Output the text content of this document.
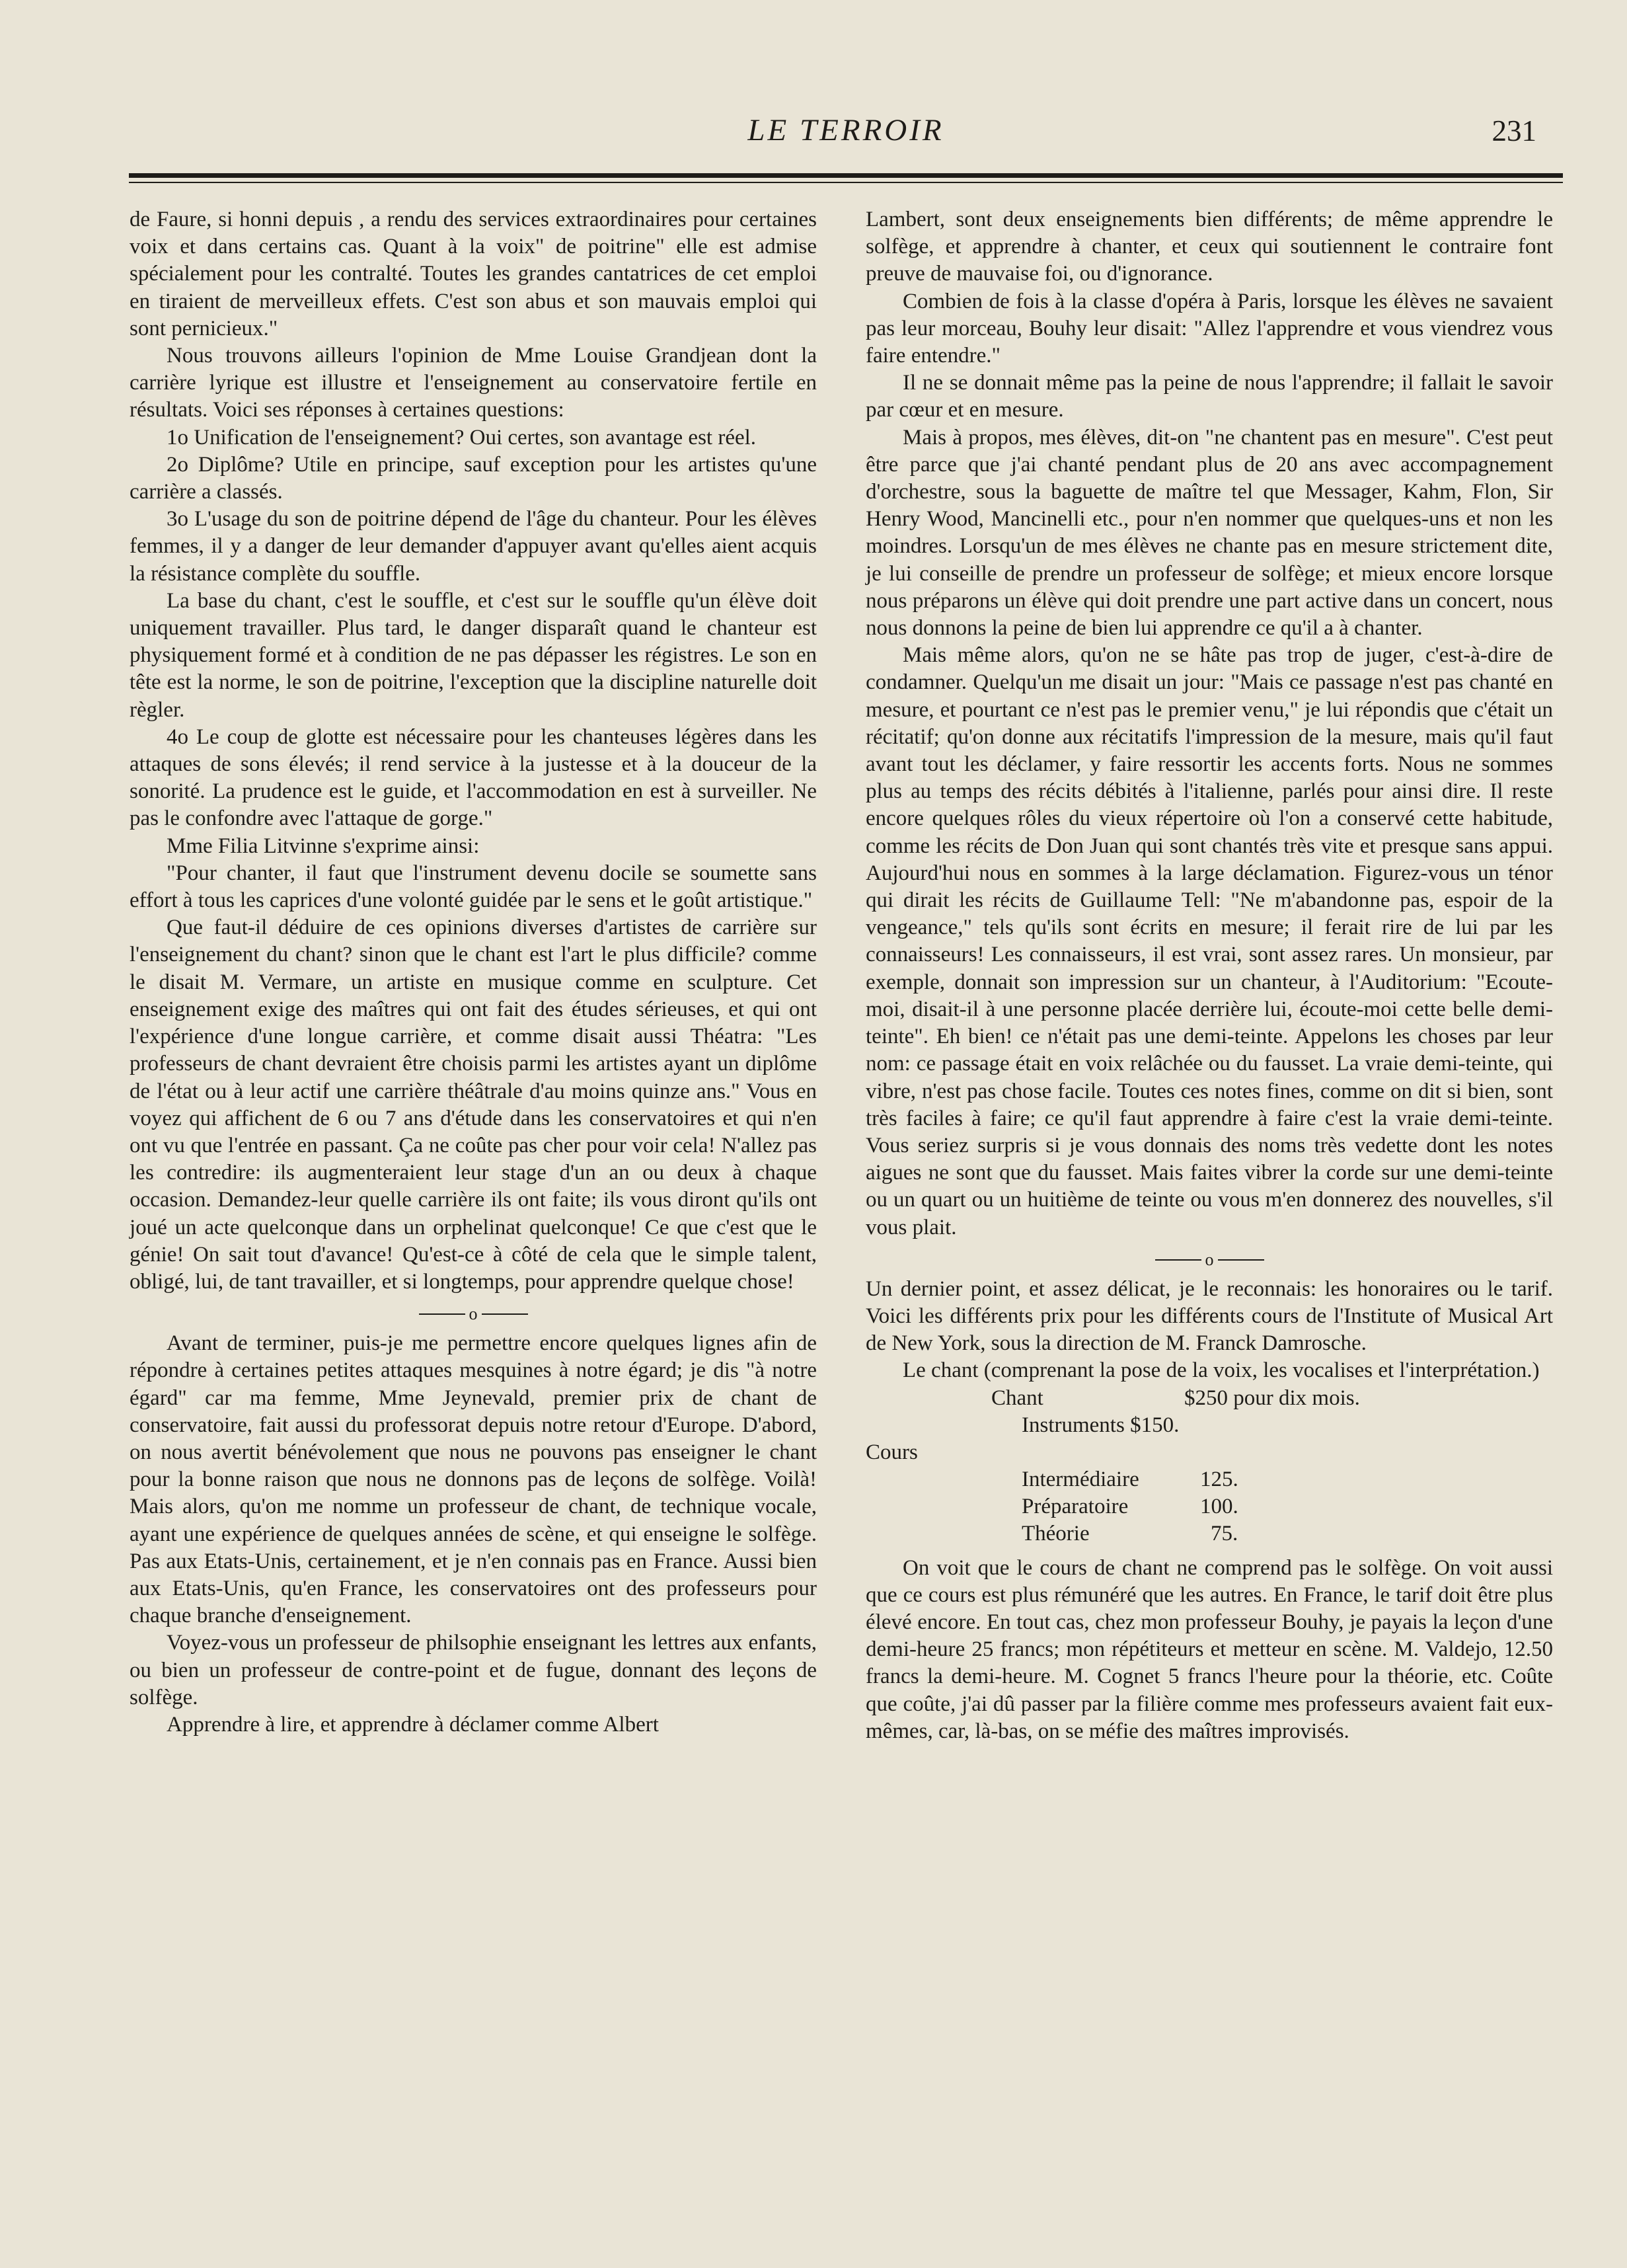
LE TERROIR	231

de Faure, si honni depuis , a rendu des services extraordinaires pour certaines voix et dans certains cas. Quant à la voix" de poitrine" elle est admise spécialement pour les contralté. Toutes les grandes cantatrices de cet emploi en tiraient de merveilleux effets. C'est son abus et son mauvais emploi qui sont pernicieux."

Nous trouvons ailleurs l'opinion de Mme Louise Grandjean dont la carrière lyrique est illustre et l'enseignement au conservatoire fertile en résultats. Voici ses réponses à certaines questions:

1o Unification de l'enseignement? Oui certes, son avantage est réel.

2o Diplôme? Utile en principe, sauf exception pour les artistes qu'une carrière a classés.

3o L'usage du son de poitrine dépend de l'âge du chanteur. Pour les élèves femmes, il y a danger de leur demander d'appuyer avant qu'elles aient acquis la résistance complète du souffle.

La base du chant, c'est le souffle, et c'est sur le souffle qu'un élève doit uniquement travailler. Plus tard, le danger disparaît quand le chanteur est physiquement formé et à condition de ne pas dépasser les régistres. Le son en tête est la norme, le son de poitrine, l'exception que la discipline naturelle doit règler.

4o Le coup de glotte est nécessaire pour les chanteuses légères dans les attaques de sons élevés; il rend service à la justesse et à la douceur de la sonorité. La prudence est le guide, et l'accommodation en est à surveiller. Ne pas le confondre avec l'attaque de gorge."

Mme Filia Litvinne s'exprime ainsi:

"Pour chanter, il faut que l'instrument devenu docile se soumette sans effort à tous les caprices d'une volonté guidée par le sens et le goût artistique."

Que faut-il déduire de ces opinions diverses d'artistes de carrière sur l'enseignement du chant? sinon que le chant est l'art le plus difficile? comme le disait M. Vermare, un artiste en musique comme en sculpture. Cet enseignement exige des maîtres qui ont fait des études sérieuses, et qui ont l'expérience d'une longue carrière, et comme disait aussi Théatra: "Les professeurs de chant devraient être choisis parmi les artistes ayant un diplôme de l'état ou à leur actif une carrière théâtrale d'au moins quinze ans." Vous en voyez qui affichent de 6 ou 7 ans d'étude dans les conservatoires et qui n'en ont vu que l'entrée en passant. Ça ne coûte pas cher pour voir cela! N'allez pas les contredire: ils augmenteraient leur stage d'un an ou deux à chaque occasion. Demandez-leur quelle carrière ils ont faite; ils vous diront qu'ils ont joué un acte quelconque dans un orphelinat quelconque! Ce que c'est que le génie! On sait tout d'avance! Qu'est-ce à côté de cela que le simple talent, obligé, lui, de tant travailler, et si longtemps, pour apprendre quelque chose!

o

Avant de terminer, puis-je me permettre encore quelques lignes afin de répondre à certaines petites attaques mesquines à notre égard; je dis "à notre égard" car ma femme, Mme Jeynevald, premier prix de chant de conservatoire, fait aussi du professorat depuis notre retour d'Europe. D'abord, on nous avertit bénévolement que nous ne pouvons pas enseigner le chant pour la bonne raison que nous ne donnons pas de leçons de solfège. Voilà! Mais alors, qu'on me nomme un professeur de chant, de technique vocale, ayant une expérience de quelques années de scène, et qui enseigne le solfège. Pas aux Etats-Unis, certainement, et je n'en connais pas en France. Aussi bien aux Etats-Unis, qu'en France, les conservatoires ont des professeurs pour chaque branche d'enseignement.

Voyez-vous un professeur de philsophie enseignant les lettres aux enfants, ou bien un professeur de contre-point et de fugue, donnant des leçons de solfège.

Apprendre à lire, et apprendre à déclamer comme Albert

Lambert, sont deux enseignements bien différents; de même apprendre le solfège, et apprendre à chanter, et ceux qui soutiennent le contraire font preuve de mauvaise foi, ou d'ignorance.

Combien de fois à la classe d'opéra à Paris, lorsque les élèves ne savaient pas leur morceau, Bouhy leur disait: "Allez l'apprendre et vous viendrez vous faire entendre."

Il ne se donnait même pas la peine de nous l'apprendre; il fallait le savoir par cœur et en mesure.

Mais à propos, mes élèves, dit-on "ne chantent pas en mesure". C'est peut être parce que j'ai chanté pendant plus de 20 ans avec accompagnement d'orchestre, sous la baguette de maître tel que Messager, Kahm, Flon, Sir Henry Wood, Mancinelli etc., pour n'en nommer que quelques-uns et non les moindres. Lorsqu'un de mes élèves ne chante pas en mesure strictement dite, je lui conseille de prendre un professeur de solfège; et mieux encore lorsque nous préparons un élève qui doit prendre une part active dans un concert, nous nous donnons la peine de bien lui apprendre ce qu'il a à chanter.

Mais même alors, qu'on ne se hâte pas trop de juger, c'est-à-dire de condamner. Quelqu'un me disait un jour: "Mais ce passage n'est pas chanté en mesure, et pourtant ce n'est pas le premier venu," je lui répondis que c'était un récitatif; qu'on donne aux récitatifs l'impression de la mesure, mais qu'il faut avant tout les déclamer, y faire ressortir les accents forts. Nous ne sommes plus au temps des récits débités à l'italienne, parlés pour ainsi dire. Il reste encore quelques rôles du vieux répertoire où l'on a conservé cette habitude, comme les récits de Don Juan qui sont chantés très vite et presque sans appui. Aujourd'hui nous en sommes à la large déclamation. Figurez-vous un ténor qui dirait les récits de Guillaume Tell: "Ne m'abandonne pas, espoir de la vengeance," tels qu'ils sont écrits en mesure; il ferait rire de lui par les connaisseurs! Les connaisseurs, il est vrai, sont assez rares. Un monsieur, par exemple, donnait son impression sur un chanteur, à l'Auditorium: "Ecoute-moi, disait-il à une personne placée derrière lui, écoute-moi cette belle demi-teinte". Eh bien! ce n'était pas une demi-teinte. Appelons les choses par leur nom: ce passage était en voix relâchée ou du fausset. La vraie demi-teinte, qui vibre, n'est pas chose facile. Toutes ces notes fines, comme on dit si bien, sont très faciles à faire; ce qu'il faut apprendre à faire c'est la vraie demi-teinte. Vous seriez surpris si je vous donnais des noms très vedette dont les notes aigues ne sont que du fausset. Mais faites vibrer la corde sur une demi-teinte ou un quart ou un huitième de teinte ou vous m'en donnerez des nouvelles, s'il vous plait.

o

Un dernier point, et assez délicat, je le reconnais: les honoraires ou le tarif. Voici les différents prix pour les différents cours de l'Institute of Musical Art de New York, sous la direction de M. Franck Damrosche.

Le chant (comprenant la pose de la voix, les vocalises et l'interprétation.)

Chant	$250 pour dix mois.
Instruments $150.
Cours
Intermédiaire	125.
Préparatoire	100.
Théorie	75.

On voit que le cours de chant ne comprend pas le solfège. On voit aussi que ce cours est plus rémunéré que les autres. En France, le tarif doit être plus élevé encore. En tout cas, chez mon professeur Bouhy, je payais la leçon d'une demi-heure 25 francs; mon répétiteurs et metteur en scène. M. Valdejo, 12.50 francs la demi-heure. M. Cognet 5 francs l'heure pour la théorie, etc. Coûte que coûte, j'ai dû passer par la filière comme mes professeurs avaient fait eux-mêmes, car, là-bas, on se méfie des maîtres improvisés.
